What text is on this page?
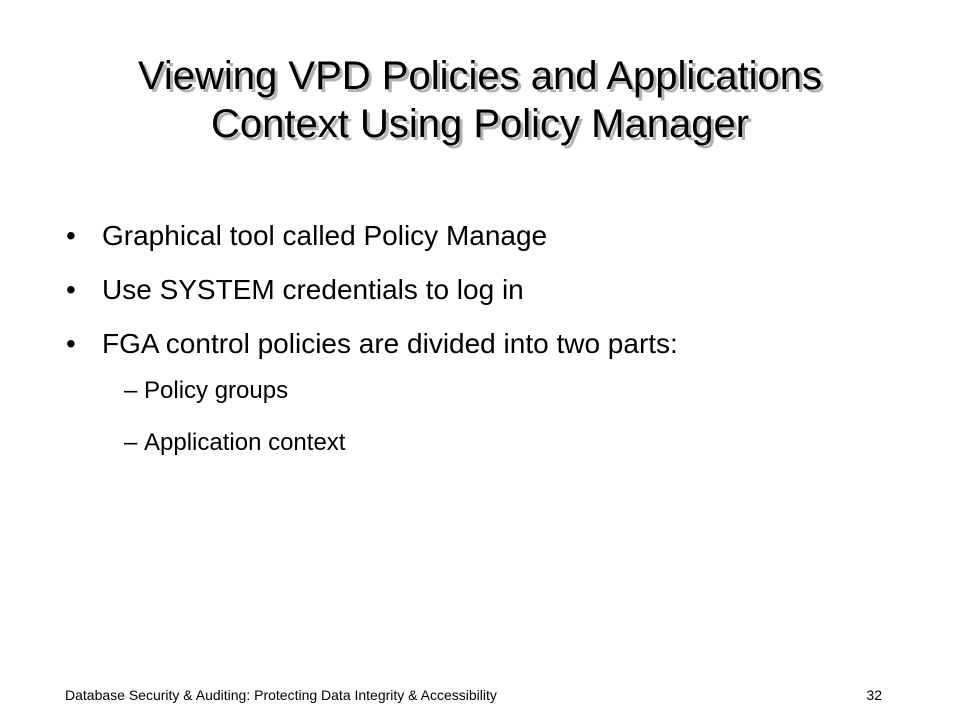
Viewing VPD Policies and Applications
Context Using Policy Manager
• Graphical tool called Policy Manage
• Use SYSTEM credentials to log in
• FGA control policies are divided into two parts:
– Policy groups
– Application context
Database Security & Auditing: Protecting Data Integrity & Accessibility	32
